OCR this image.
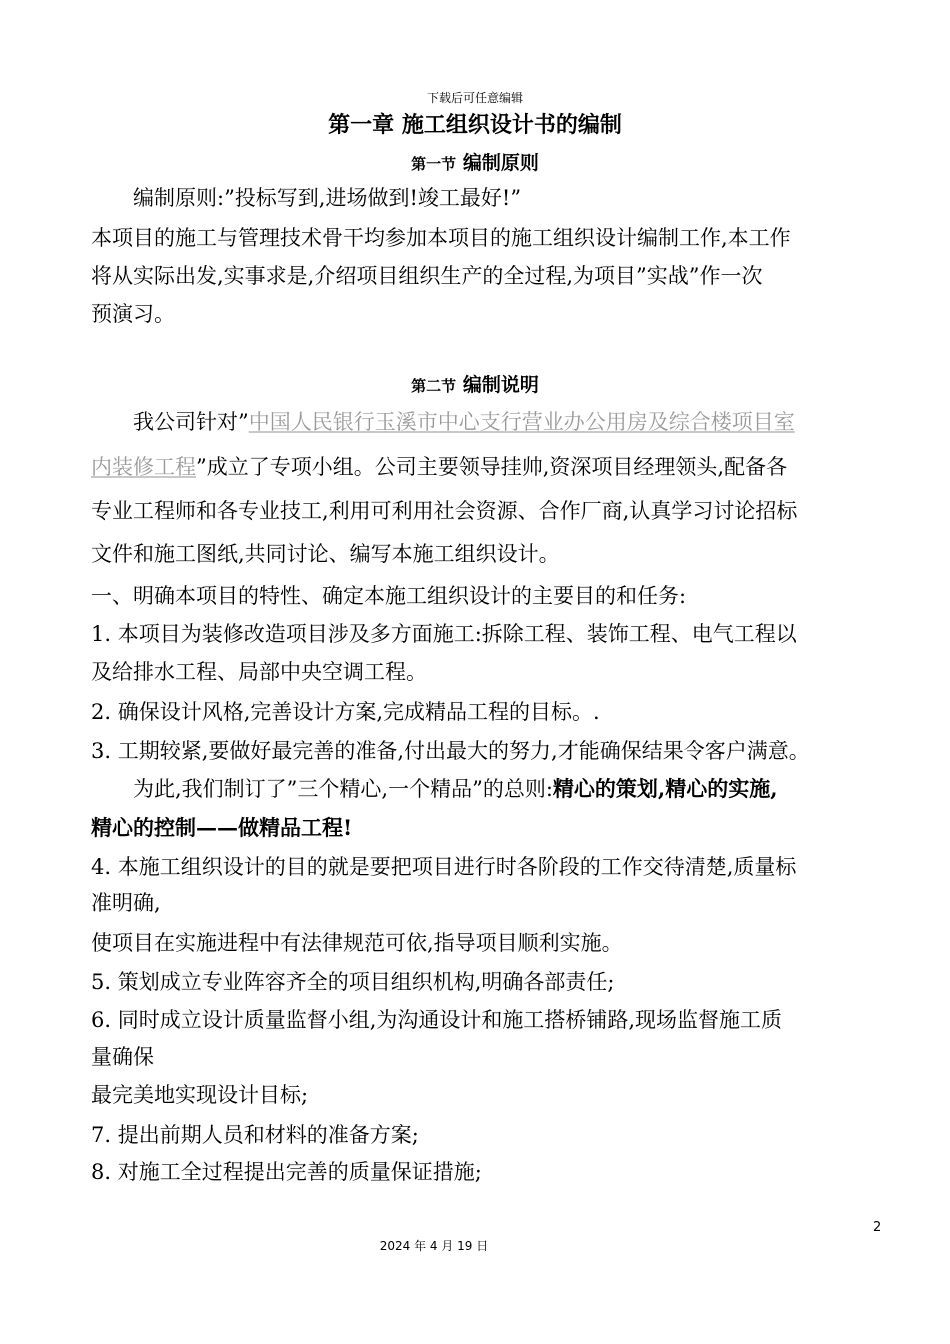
下载后可任意编辑
第一章 施工组织设计书的编制
第一节 编制原则
编制原则:”投标写到,进场做到!竣工最好!”
本项目的施工与管理技术骨干均参加本项目的施工组织设计编制工作,本工作
将从实际出发,实事求是,介绍项目组织生产的全过程,为项目”实战”作一次
预演习。
第二节 编制说明
我公司针对”中国人民银行玉溪市中心支行营业办公用房及综合楼项目室
内装修工程”成立了专项小组。公司主要领导挂帅,资深项目经理领头,配备各
专业工程师和各专业技工,利用可利用社会资源、合作厂商,认真学习讨论招标
文件和施工图纸,共同讨论、编写本施工组织设计。
一、明确本项目的特性、确定本施工组织设计的主要目的和任务:
1. 本项目为装修改造项目涉及多方面施工:拆除工程、装饰工程、电气工程以
及给排水工程、局部中央空调工程。
2. 确保设计风格,完善设计方案,完成精品工程的目标。.
3. 工期较紧,要做好最完善的准备,付出最大的努力,才能确保结果令客户满意。
为此,我们制订了”三个精心,一个精品”的总则:精心的策划,精心的实施,
精心的控制——做精品工程!
4. 本施工组织设计的目的就是要把项目进行时各阶段的工作交待清楚,质量标
准明确,
使项目在实施进程中有法律规范可依,指导项目顺利实施。
5. 策划成立专业阵容齐全的项目组织机构,明确各部责任;
6. 同时成立设计质量监督小组,为沟通设计和施工搭桥铺路,现场监督施工质
量确保
最完美地实现设计目标;
7. 提出前期人员和材料的准备方案;
8. 对施工全过程提出完善的质量保证措施;
2
2024 年 4 月 19 日
